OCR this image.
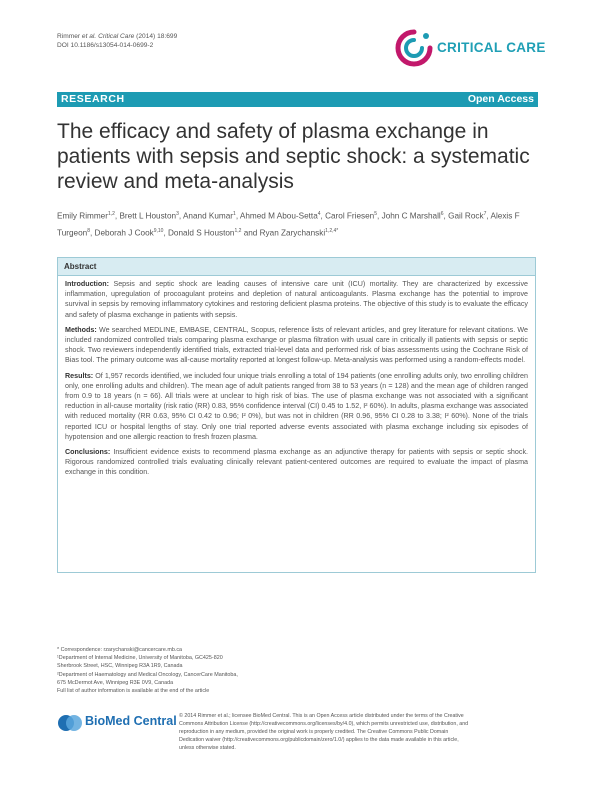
Rimmer et al. Critical Care (2014) 18:699
DOI 10.1186/s13054-014-0699-2	CRITICAL CARE
RESEARCH	Open Access
The efficacy and safety of plasma exchange in patients with sepsis and septic shock: a systematic review and meta-analysis
Emily Rimmer$^{1,2}$, Brett L Houston$^3$, Anand Kumar$^1$, Ahmed M Abou-Setta$^4$, Carol Friesen$^5$, John C Marshall$^6$, Gail Rock$^7$, Alexis F Turgeon$^8$, Deborah J Cook$^{9,10}$, Donald S Houston$^{1,2}$ and Ryan Zarychanski$^{1,2,4*}$
Abstract

Introduction: Sepsis and septic shock are leading causes of intensive care unit (ICU) mortality. They are characterized by excessive inflammation, upregulation of procoagulant proteins and depletion of natural anticoagulants. Plasma exchange has the potential to improve survival in sepsis by removing inflammatory cytokines and restoring deficient plasma proteins. The objective of this study is to evaluate the efficacy and safety of plasma exchange in patients with sepsis.

Methods: We searched MEDLINE, EMBASE, CENTRAL, Scopus, reference lists of relevant articles, and grey literature for relevant citations. We included randomized controlled trials comparing plasma exchange or plasma filtration with usual care in critically ill patients with sepsis or septic shock. Two reviewers independently identified trials, extracted trial-level data and performed risk of bias assessments using the Cochrane Risk of Bias tool. The primary outcome was all-cause mortality reported at longest follow-up. Meta-analysis was performed using a random-effects model.

Results: Of 1,957 records identified, we included four unique trials enrolling a total of 194 patients (one enrolling adults only, two enrolling children only, one enrolling adults and children). The mean age of adult patients ranged from 38 to 53 years (n = 128) and the mean age of children ranged from 0.9 to 18 years (n = 66). All trials were at unclear to high risk of bias. The use of plasma exchange was not associated with a significant reduction in all-cause mortality (risk ratio (RR) 0.83, 95% confidence interval (CI) 0.45 to 1.52, I² 60%). In adults, plasma exchange was associated with reduced mortality (RR 0.63, 95% CI 0.42 to 0.96; I² 0%), but was not in children (RR 0.96, 95% CI 0.28 to 3.38; I² 60%). None of the trials reported ICU or hospital lengths of stay. Only one trial reported adverse events associated with plasma exchange including six episodes of hypotension and one allergic reaction to fresh frozen plasma.

Conclusions: Insufficient evidence exists to recommend plasma exchange as an adjunctive therapy for patients with sepsis or septic shock. Rigorous randomized controlled trials evaluating clinically relevant patient-centered outcomes are required to evaluate the impact of plasma exchange in this condition.

* Correspondence: rzarychanski@cancercare.mb.ca
¹Department of Internal Medicine, University of Manitoba, GC425-820
Sherbrook Street, HSC, Winnipeg R3A 1R9, Canada
²Department of Haematology and Medical Oncology, CancerCare Manitoba,
675 McDermot Ave, Winnipeg R3E 0V9, Canada
Full list of author information is available at the end of the article
BioMed Central © 2014 Rimmer et al.; licensee BioMed Central. This is an Open Access article distributed under the terms of the Creative
Commons Attribution License (http://creativecommons.org/licenses/by/4.0), which permits unrestricted use, distribution, and
reproduction in any medium, provided the original work is properly credited. The Creative Commons Public Domain
Dedication waiver (http://creativecommons.org/publicdomain/zero/1.0/) applies to the data made available in this article,
unless otherwise stated.
